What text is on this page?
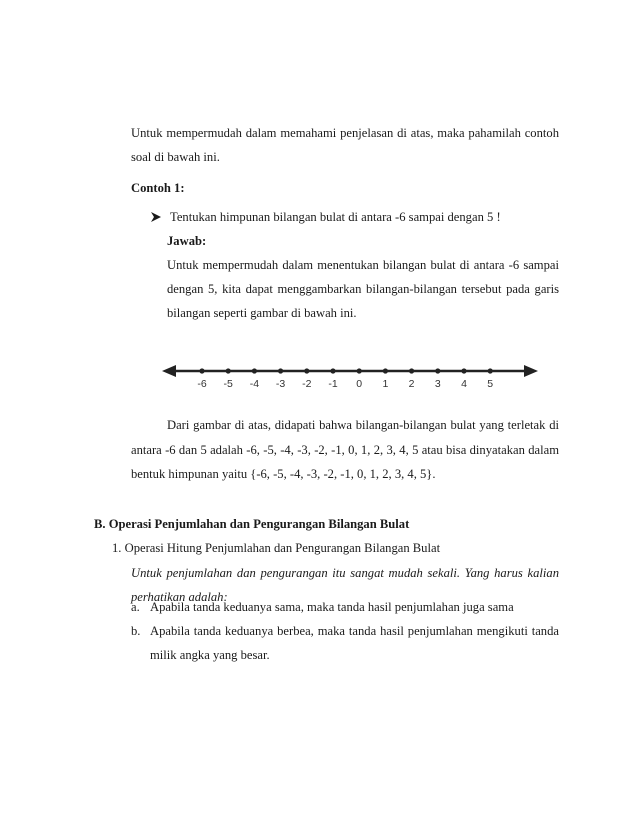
Untuk mempermudah dalam memahami penjelasan di atas, maka pahamilah contoh
soal di bawah ini.
Contoh 1:
Tentukan himpunan bilangan bulat di antara -6 sampai dengan 5 !
Jawab:
Untuk mempermudah dalam menentukan bilangan bulat di antara -6 sampai
dengan 5, kita dapat menggambarkan bilangan-bilangan tersebut pada garis
bilangan seperti gambar di bawah ini.
-6 -5 -4 -3 -2 -1 0 1 2 3 4 5
Dari gambar di atas, didapati bahwa bilangan-bilangan bulat yang terletak di
antara -6 dan 5 adalah -6, -5, -4, -3, -2, -1, 0, 1, 2, 3, 4, 5 atau bisa dinyatakan dalam
bentuk himpunan yaitu {-6, -5, -4, -3, -2, -1, 0, 1, 2, 3, 4, 5}.
B. Operasi Penjumlahan dan Pengurangan Bilangan Bulat
1. Operasi Hitung Penjumlahan dan Pengurangan Bilangan Bulat
Untuk penjumlahan dan pengurangan itu sangat mudah sekali. Yang harus kalian
perhatikan adalah:
a. Apabila tanda keduanya sama, maka tanda hasil penjumlahan juga sama
b. Apabila tanda keduanya berbea, maka tanda hasil penjumlahan mengikuti tanda
milik angka yang besar.
